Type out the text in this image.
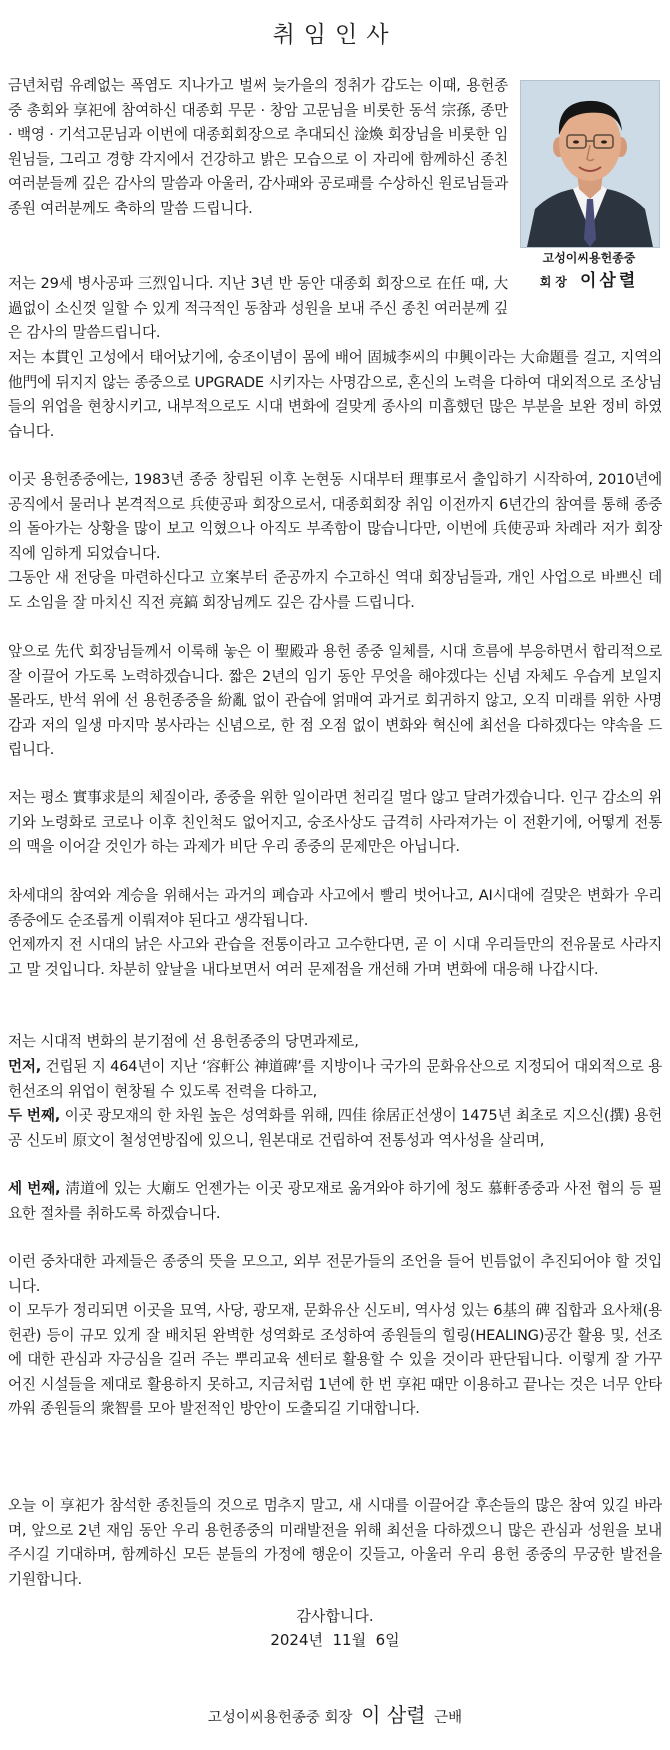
취임인사
고성이씨용헌종중
회장 이삼렬

금년처럼 유례없는 폭염도 지나가고 벌써 늦가을의 정취가 감도는 이때, 용헌종중 총회와 享祀에 참여하신 대종회 무문 · 창암 고문님을 비롯한 동석 宗孫, 종만 · 백영 · 기석고문님과 이번에 대종회회장으로 추대되신 淦煥 회장님을 비롯한 임원님들, 그리고 경향 각지에서 건강하고 밝은 모습으로 이 자리에 함께하신 종친 여러분들께 깊은 감사의 말씀과 아울러, 감사패와 공로패를 수상하신 원로님들과 종원 여러분께도 축하의 말씀 드립니다.

저는 29세 병사공파 三烈입니다. 지난 3년 반 동안 대종회 회장으로 在任 때, 大過없이 소신껏 일할 수 있게 적극적인 동참과 성원을 보내 주신 종친 여러분께 깊은 감사의 말씀드립니다.

저는 本貫인 고성에서 태어났기에, 숭조이념이 몸에 배어 固城李씨의 中興이라는 大命題를 걸고, 지역의 他門에 뒤지지 않는 종중으로 UPGRADE 시키자는 사명감으로, 혼신의 노력을 다하여 대외적으로 조상님들의 위업을 현창시키고, 내부적으로도 시대 변화에 걸맞게 종사의 미흡했던 많은 부분을 보완 정비 하였습니다.

이곳 용헌종중에는, 1983년 종중 창립된 이후 논현동 시대부터 理事로서 출입하기 시작하여, 2010년에 공직에서 물러나 본격적으로 兵使공파 회장으로서, 대종회회장 취임 이전까지 6년간의 참여를 통해 종중의 돌아가는 상황을 많이 보고 익혔으나 아직도 부족함이 많습니다만, 이번에 兵使공파 차례라 저가 회장직에 임하게 되었습니다.

그동안 새 전당을 마련하신다고 立案부터 준공까지 수고하신 역대 회장님들과, 개인 사업으로 바쁘신 데도 소임을 잘 마치신 직전 亮鎬 회장님께도 깊은 감사를 드립니다.

앞으로 先代 회장님들께서 이룩해 놓은 이 聖殿과 용헌 종중 일체를, 시대 흐름에 부응하면서 합리적으로 잘 이끌어 가도록 노력하겠습니다. 짧은 2년의 임기 동안 무엇을 해야겠다는 신념 자체도 우습게 보일지 몰라도, 반석 위에 선 용헌종중을 紛亂 없이 관습에 얽매여 과거로 회귀하지 않고, 오직 미래를 위한 사명감과 저의 일생 마지막 봉사라는 신념으로, 한 점 오점 없이 변화와 혁신에 최선을 다하겠다는 약속을 드립니다.

저는 평소 實事求是의 체질이라, 종중을 위한 일이라면 천리길 멀다 않고 달려가겠습니다. 인구 감소의 위기와 노령화로 코로나 이후 친인척도 없어지고, 숭조사상도 급격히 사라져가는 이 전환기에, 어떻게 전통의 맥을 이어갈 것인가 하는 과제가 비단 우리 종중의 문제만은 아닙니다.

차세대의 참여와 계승을 위해서는 과거의 폐습과 사고에서 빨리 벗어나고, AI시대에 걸맞은 변화가 우리 종중에도 순조롭게 이뤄져야 된다고 생각됩니다.

언제까지 전 시대의 낡은 사고와 관습을 전통이라고 고수한다면, 곧 이 시대 우리들만의 전유물로 사라지고 말 것입니다. 차분히 앞날을 내다보면서 여러 문제점을 개선해 가며 변화에 대응해 나갑시다.

저는 시대적 변화의 분기점에 선 용헌종중의 당면과제로,

먼저, 건립된 지 464년이 지난 ‘容軒公 神道碑’를 지방이나 국가의 문화유산으로 지정되어 대외적으로 용헌선조의 위업이 현창될 수 있도록 전력을 다하고,

두 번째, 이곳 광모재의 한 차원 높은 성역화를 위해, 四佳 徐居正선생이 1475년 최초로 지으신(撰) 용헌공 신도비 原文이 철성연방집에 있으니, 원본대로 건립하여 전통성과 역사성을 살리며,

세 번째, 淸道에 있는 大廟도 언젠가는 이곳 광모재로 옮겨와야 하기에 청도 慕軒종중과 사전 협의 등 필요한 절차를 취하도록 하겠습니다.

이런 중차대한 과제들은 종중의 뜻을 모으고, 외부 전문가들의 조언을 들어 빈틈없이 추진되어야 할 것입니다.

이 모두가 정리되면 이곳을 묘역, 사당, 광모재, 문화유산 신도비, 역사성 있는 6基의 碑 집합과 요사채(용헌관) 등이 규모 있게 잘 배치된 완벽한 성역화로 조성하여 종원들의 힐링(HEALING)공간 활용 및, 선조에 대한 관심과 자긍심을 길러 주는 뿌리교육 센터로 활용할 수 있을 것이라 판단됩니다. 이렇게 잘 가꾸어진 시설들을 제대로 활용하지 못하고, 지금처럼 1년에 한 번 享祀 때만 이용하고 끝나는 것은 너무 안타까워 종원들의 衆智를 모아 발전적인 방안이 도출되길 기대합니다.

오늘 이 享祀가 참석한 종친들의 것으로 멈추지 말고, 새 시대를 이끌어갈 후손들의 많은 참여 있길 바라며, 앞으로 2년 재임 동안 우리 용헌종중의 미래발전을 위해 최선을 다하겠으니 많은 관심과 성원을 보내 주시길 기대하며, 함께하신 모든 분들의 가정에 행운이 깃들고, 아울러 우리 용헌 종중의 무궁한 발전을 기원합니다.

감사합니다.
2024년  11월  6일
고성이씨용헌종중 회장 이 삼렬 근배
